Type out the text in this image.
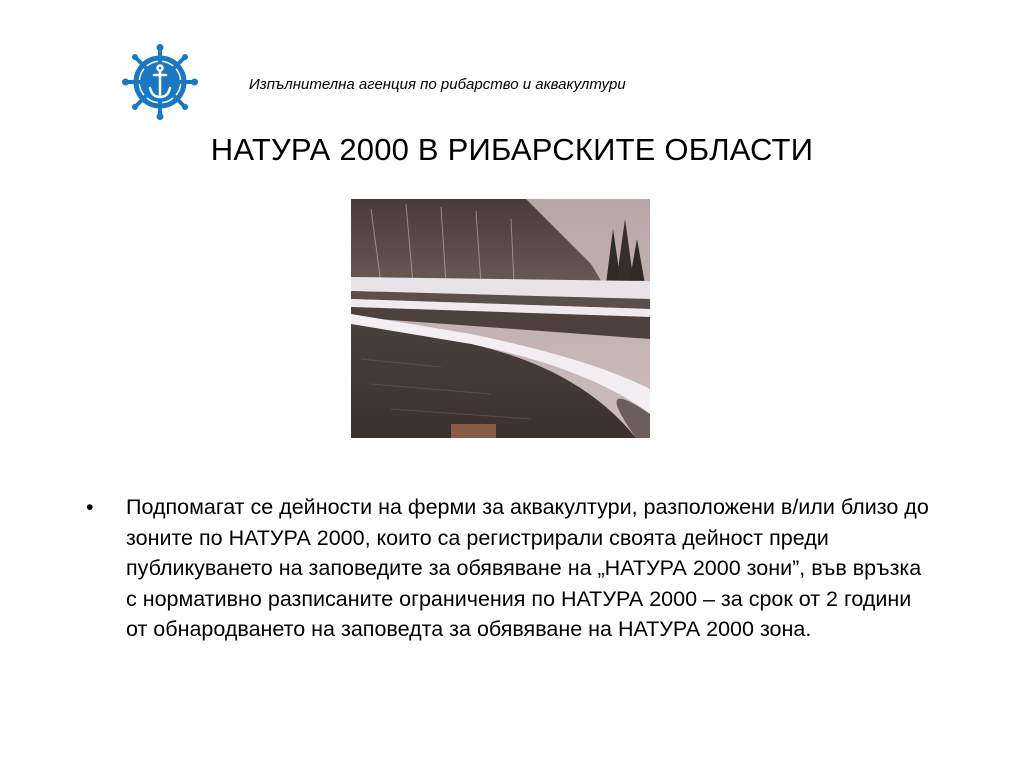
Изпълнителна агенция по рибарство и аквакултури
НАТУРА 2000 В РИБАРСКИТЕ ОБЛАСТИ
• Подпомагат се дейности на ферми за аквакултури, разположени в/или близо до зоните по НАТУРА 2000, които са регистрирали своята дейност преди публикуването на заповедите за обявяване на „НАТУРА 2000 зони”, във връзка с нормативно разписаните ограничения по НАТУРА 2000 – за срок от 2 години от обнародването на заповедта за обявяване на НАТУРА 2000 зона.
